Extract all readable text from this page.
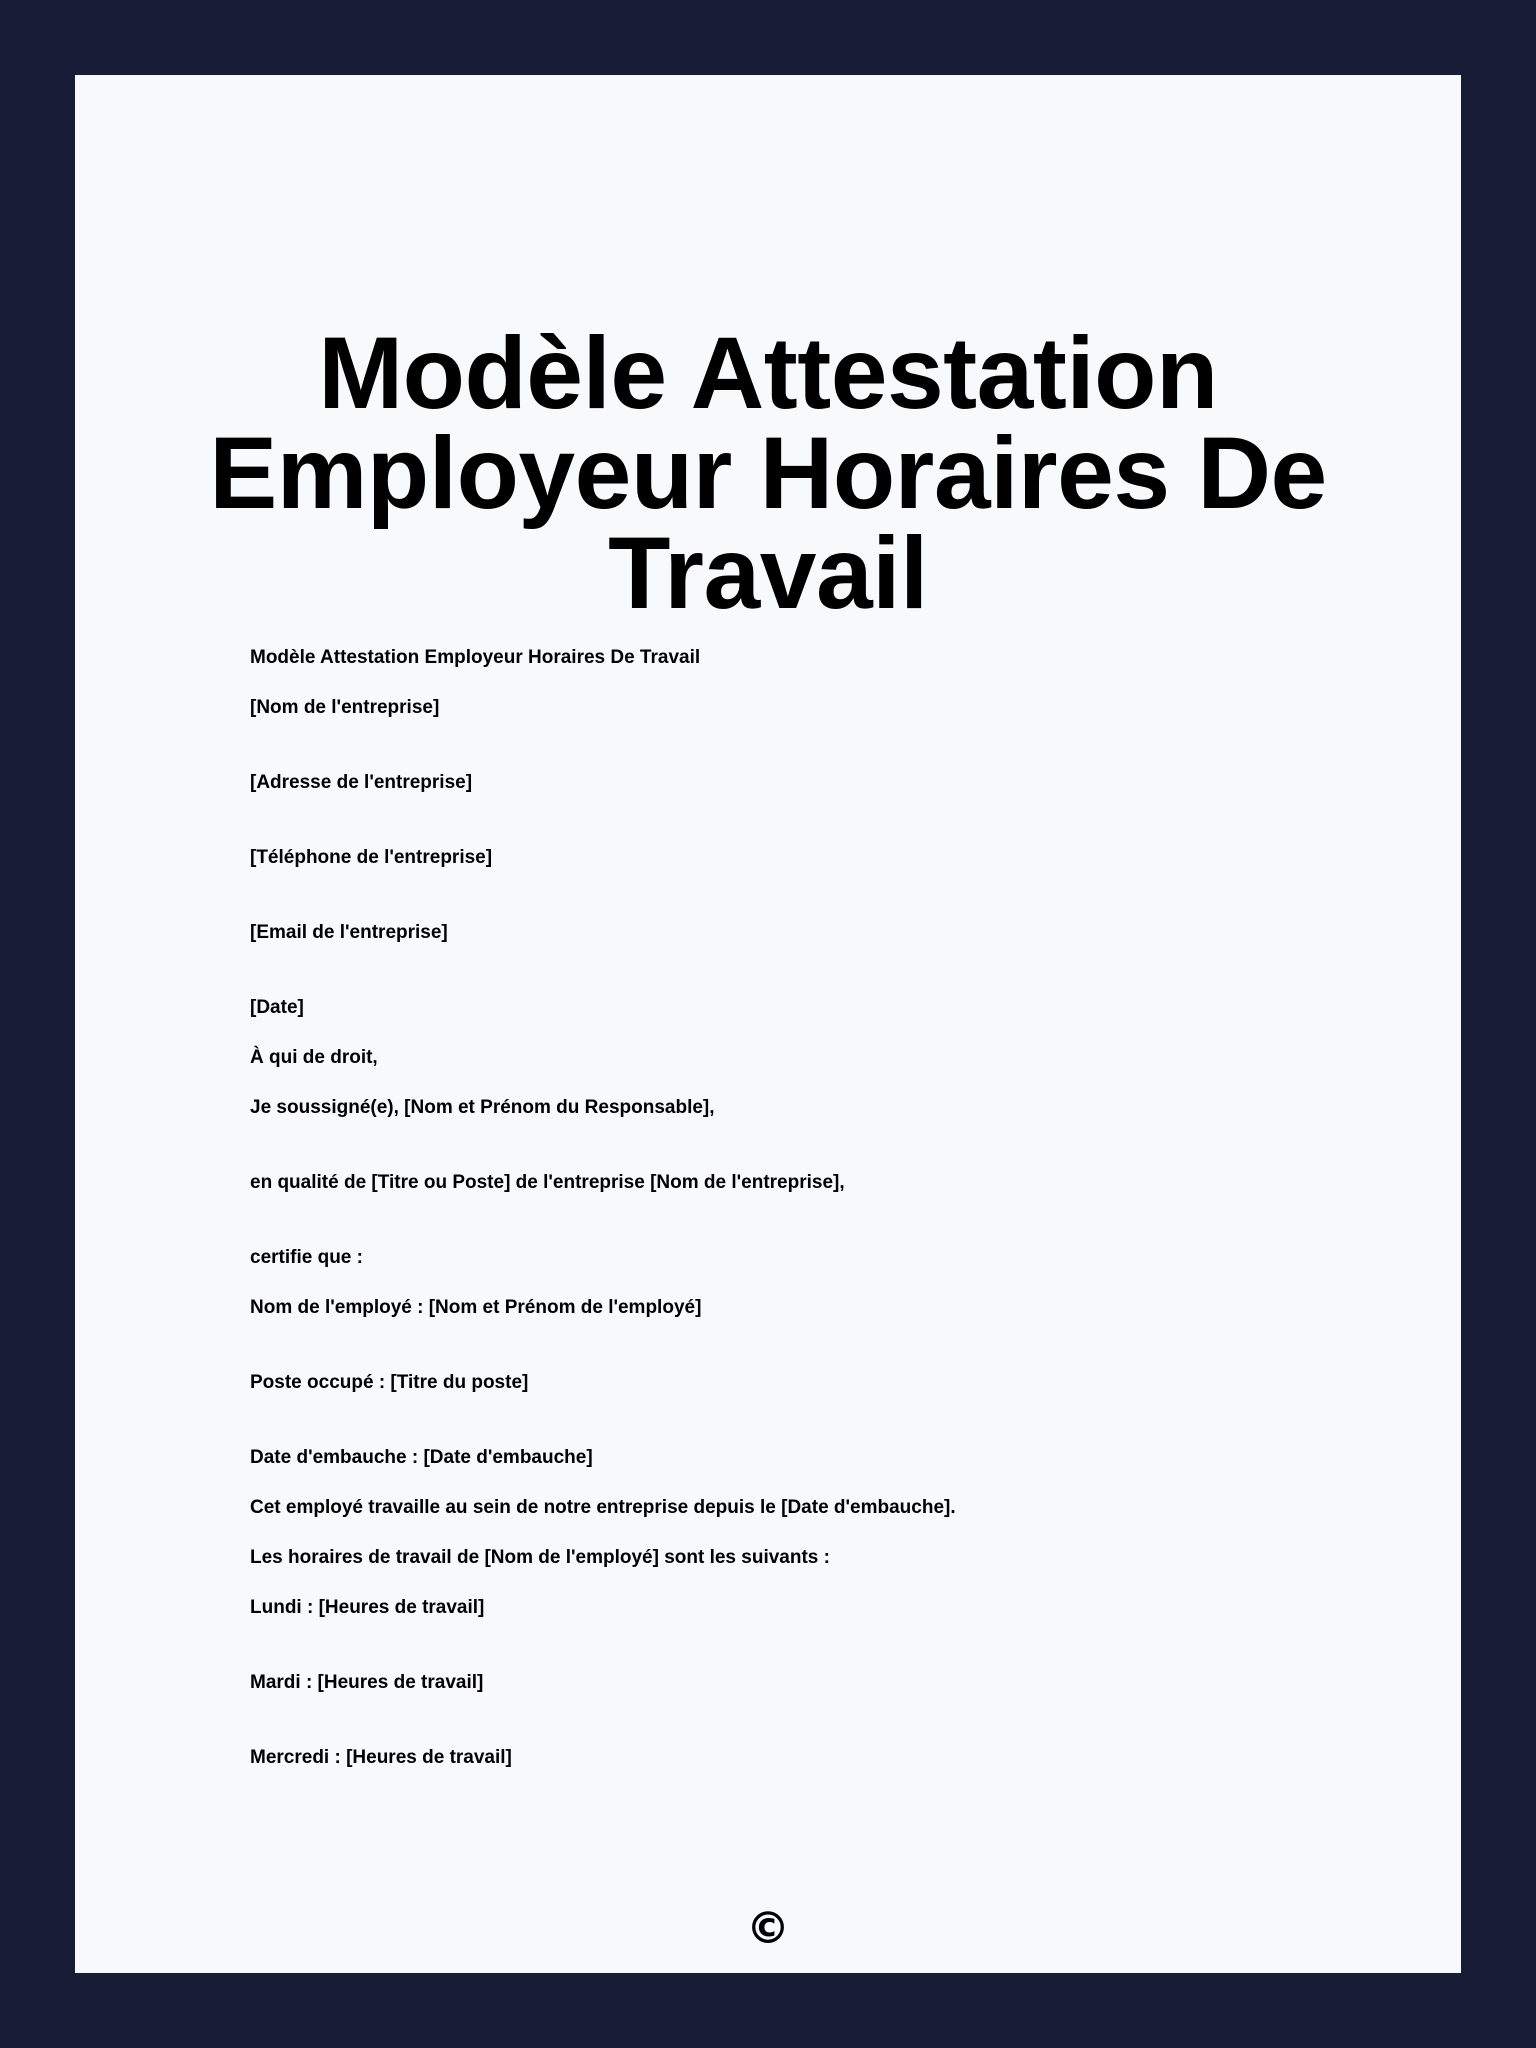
Modèle Attestation
Employeur Horaires De
Travail

Modèle Attestation Employeur Horaires De Travail

[Nom de l'entreprise]

[Adresse de l'entreprise]

[Téléphone de l'entreprise]

[Email de l'entreprise]

[Date]

À qui de droit,

Je soussigné(e), [Nom et Prénom du Responsable],

en qualité de [Titre ou Poste] de l'entreprise [Nom de l'entreprise],

certifie que :

Nom de l'employé : [Nom et Prénom de l'employé]

Poste occupé : [Titre du poste]

Date d'embauche : [Date d'embauche]

Cet employé travaille au sein de notre entreprise depuis le [Date d'embauche].

Les horaires de travail de [Nom de l'employé] sont les suivants :

Lundi : [Heures de travail]

Mardi : [Heures de travail]

Mercredi : [Heures de travail]

©
